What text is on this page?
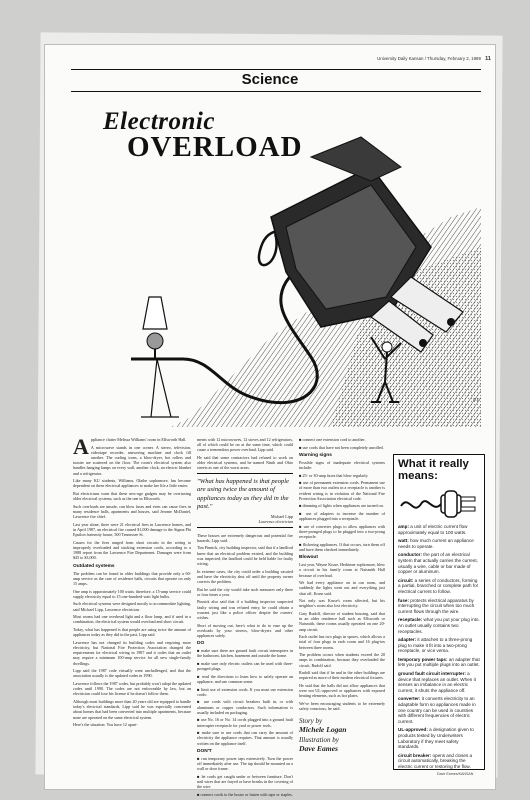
University Daily Kansan / Thursday, February 2, 1989 11
Science
Electronic
OVERLOAD
D.E.

A ppliance clutter Melissa Williams' room in Ellsworth Hall.

A microwave stands in one corner. A stereo, television, videotape recorder, answering machine and clock fill another. The curling irons, a blow-dryer, hot rollers and toaster are scattered on the floor. The room's electrical system also handles hanging lamps on every wall, another clock, an electric blanket and a refrigerator.

Like many KU students, Williams, Olathe sophomore, has become dependent on these electrical appliances to make her life a little easier.

But electricians warn that these new-age gadgets may be overtaxing older electrical systems, such as the one in Ellsworth.

Such overloads are unsafe, can blow fuses and even can cause fires in many residence halls, apartments and houses, said Jerome McDaniel, Lawrence fire chief.

Last year alone, there were 21 electrical fires in Lawrence homes, and in April 1987, an electrical fire caused $1,000 damage to the Sigma Phi Epsilon fraternity house, 500 Tennessee St.

Causes for the fires ranged from short circuits in the wiring to improperly overloaded and stacking extension cords, according to a 1988 report from the Lawrence Fire Department. Damages were from $45 to $3,000.

Outdated systems

The problem can be found in older buildings that provide only a 60-amp service as the case of residence halls, circuits that operate on only 15 amps.

One amp is approximately 100 watts; therefore, a 15-amp service could supply electricity equal to 15 one-hundred-watt light bulbs.

Such electrical systems were designed mostly to accommodate lighting, said Michael Lipp, Lawrence electrician.

Most rooms had one overhead light and a floor lamp, and if used in a combination, the electrical system would overload and short circuit.

Today, what has happened is that people are using twice the amount of appliances today as they did in the past, Lipp said.

Lawrence has not changed its building codes and requiring more electricity, but National Fire Protection Association changed the requirements for electrical wiring in 1987 and it codes that an outlet may require a minimum 100-amp service for all new single-family dwellings.

Lipp said the 1987 code virtually went unchallenged, and that the association usually is the updated codes in 1990.

Lawrence follows the 1987 codes, but probably won't adopt the updated codes until 1990. The codes are not enforceable by law, but an electrician could lose his license if he doesn't follow them.

Although most buildings more than 20 years old are equipped to handle today's electrical standards, Lipp said he was especially concerned about homes that had been converted into multiple apartments, because none are operated on the same electrical system.

Here's the situation: You have 12 apart-

ments with 12 microwaves, 12 stoves and 12 refrigerators, all of which could be on at the same time, which could cause a tremendous power overload, Lipp said.

He said that some contractors had refused to work on older electrical systems, and he named Ninth and Ohio streets as one of the worst areas.

"What has happened is that people are using twice the amount of appliances today as they did in the past."
Michael Lipp
Lawrence electrician

These houses are extremely dangerous and potential fire hazards, Lipp said.

Tim Pinnick, city building inspector, said that if a landlord knew that an electrical problem existed, and the building was inspected, the landlord could be held liable for faulty wiring.

In extreme cases, the city could order a building vacated and have the electricity shut off until the property owner corrects the problem.

But he said the city would take such measures only three or four times a year.

Pinnick also said that if a building inspector suspected faulty wiring and was refused entry, he could obtain a warrant just like a police officer despite the owners' wishes.

Short of moving out, here's what to do to ease up the overloads by your stereos, blow-dryers and other appliances safely.

DO

■ make sure there are ground fault circuit interrupters in the bathroom, kitchen, basement and outside the home.

■ make sure only electric outlets can be used with three-pronged plugs.

■ read the directions to learn how to safely operate an appliance, and use common sense.

■ limit use of extension cords. If you must use extension cords:

■ use cords with circuit breakers built in, or with aluminum or copper conductors. Such information is usually included on packaging.

■ use No. 16 or No. 14 cords plugged into a ground fault interrupter receptacle for yard or power tools.

■ make sure to use cords that can carry the amount of electricity the appliance requires. That amount is usually written on the appliance itself.

DON'T

■ run temporary power taps extensively. Turn the power off immediately after use. The tap should be mounted on a wall or door frame.

■ let cords get caught under or between furniture. Don't nail wires that are frayed or have breaks in the covering of the wire.

■ connect cords to the house or fasten with tape or staples.

■ connect one extension cord to another.

■ use cords that have not been completely unrolled.

Warning signs

Possible signs of inadequate electrical systems include:

■ 25- or 30-amp fuses that blow regularly.

■ use of permanent extension cords. Permanent use of more than two outlets in a receptacle is another is evident wiring is in violation of the National Fire Protection Association electrical code.

■ dimming of lights when appliances are turned on.

■ use of adapters to increase the number of appliances plugged into a receptacle.

■ use of converter plugs to allow appliances with three-pronged plugs to be plugged into a two-prong receptacle.

■ flickering appliances. If that occurs, turn them off and have them checked immediately.

Blowout

Last year, Wayne Kruse, Herkimer sophomore, blew a circuit in his family room at Naismith Hall because of overload.

We had every appliance on in our room, and suddenly the lights went out and everything just shut off, Kruse said.

Not only was Kruse's room affected, but his neighbor's room also lost electricity.

Gary Rudolf, director of student housing, said that in an older residence hall such as Ellsworth or Naismith, these rooms usually operated on one 20-amp circuit.

Each outlet has two plugs in spaces, which allows a total of four plugs in each room and 16 plug-ins between three rooms.

The problem occurs when students exceed the 20 amps in combination, because they overloaded the circuit, Rudolf said.

Rudolf said that if he and in the other buildings are required as more of their modern electrical fixtures.

He said that the halls did not allow appliances that were not UL-approved or appliances with exposed heating elements, such as hot plates.

We've been encouraging students to be extremely safety conscious, he said.

Story by
Michele Logan
Illustration by
Dave Eames
What it really means:
amp: a unit of electric current flow approximately equal to 100 watts.
watt: how much current an appliance needs to operate.
conductor: the part of an electrical system that actually carries the current, usually a wire, cable or bar made of copper or aluminum.
circuit: a series of conductors, forming a partial, branched or complete path for electrical current to follow.
fuse: protects electrical apparatus by interrupting the circuit when too much current flows through the wire.
receptacle: what you put your plug into. An outlet usually contains two receptacles.
adapter: it attaches to a three-prong plug to make it fit into a two-prong receptacle, or vice versa.
temporary power taps: an adapter that lets you put multiple plugs into an outlet.
ground fault circuit interrupter: a device that replaces an outlet. When it senses an imbalance in an electric current, it shuts the appliance off.
converter: it converts electricity to an adaptable form so appliances made in one country can be used in countries with different frequencies of electric current.
UL-approved: a designation given to products tested by Underwriters Laboratory if they meet safety standards.
circuit breaker: opens and closes a circuit automatically, breaking the electric current or restoring the flow.
Dave Eames/KANSAN
